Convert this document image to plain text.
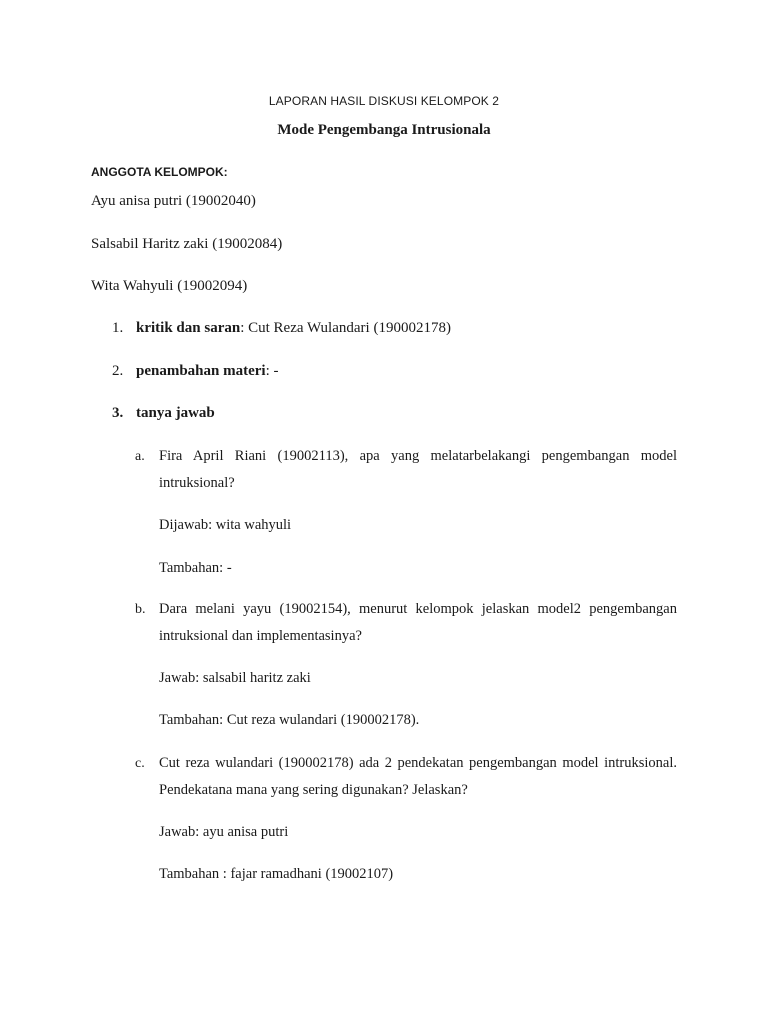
LAPORAN HASIL DISKUSI KELOMPOK 2
Mode Pengembanga Intrusionala
ANGGOTA KELOMPOK:
Ayu anisa putri (19002040)
Salsabil Haritz zaki (19002084)
Wita Wahyuli (19002094)
1. kritik dan saran: Cut Reza Wulandari (190002178)
2. penambahan materi: -
3. tanya jawab
a. Fira April Riani (19002113), apa yang melatarbelakangi pengembangan model intruksional?
Dijawab: wita wahyuli
Tambahan: -
b. Dara melani yayu (19002154), menurut kelompok jelaskan model2 pengembangan intruksional dan implementasinya?
Jawab: salsabil haritz zaki
Tambahan: Cut reza wulandari (190002178).
c. Cut reza wulandari (190002178) ada 2 pendekatan pengembangan model intruksional. Pendekatana mana yang sering digunakan? Jelaskan?
Jawab: ayu anisa putri
Tambahan : fajar ramadhani (19002107)
